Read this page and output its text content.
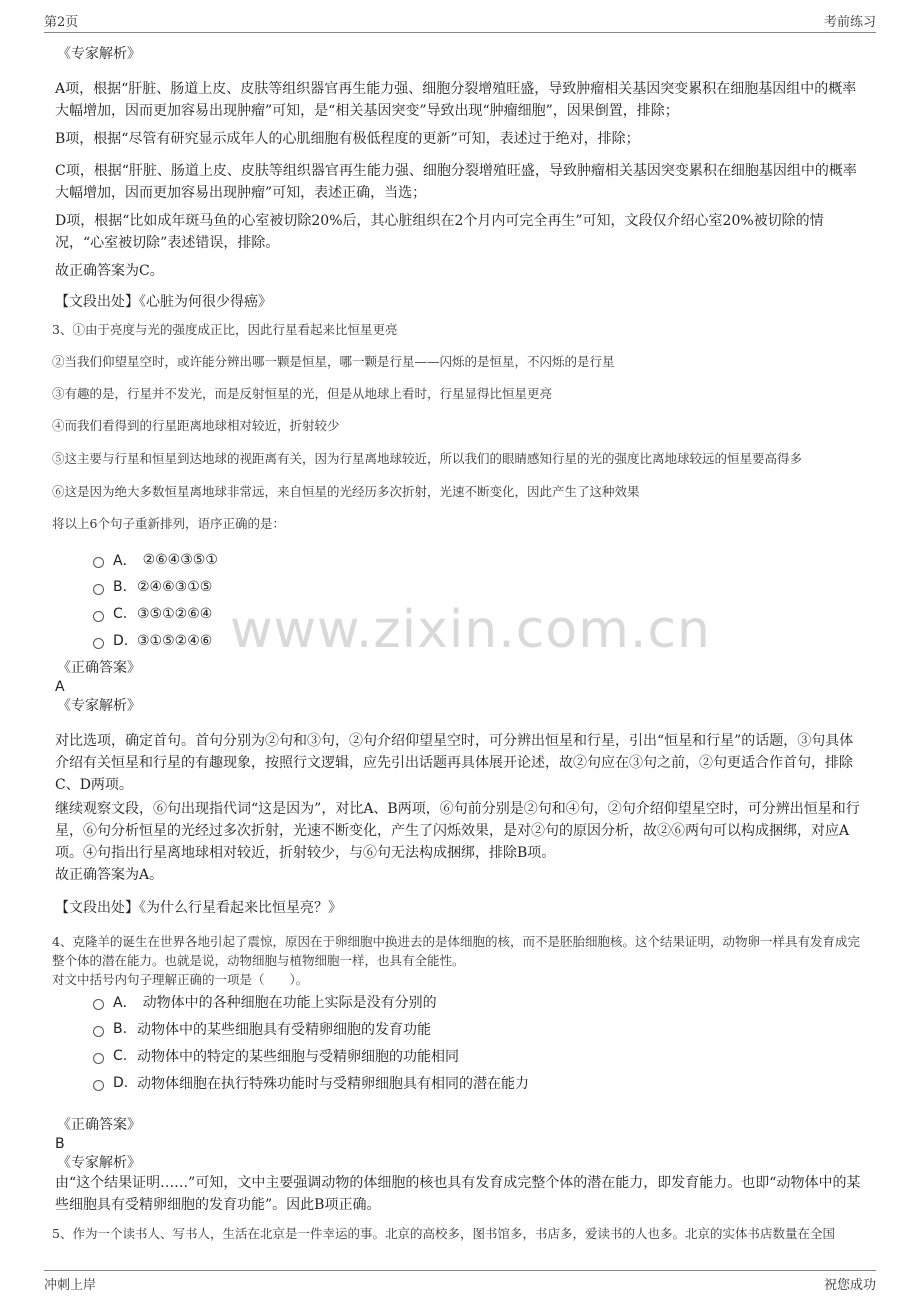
第2页	考前练习
www.zixin.com.cn
《专家解析》
A项，根据“肝脏、肠道上皮、皮肤等组织器官再生能力强、细胞分裂增殖旺盛，导致肿瘤相关基因突变累积在细胞基因组中的概率大幅增加，因而更加容易出现肿瘤”可知，是“相关基因突变”导致出现“肿瘤细胞”，因果倒置，排除；
B项，根据“尽管有研究显示成年人的心肌细胞有极低程度的更新”可知，表述过于绝对，排除；
C项，根据“肝脏、肠道上皮、皮肤等组织器官再生能力强、细胞分裂增殖旺盛，导致肿瘤相关基因突变累积在细胞基因组中的概率大幅增加，因而更加容易出现肿瘤”可知，表述正确，当选；
D项，根据“比如成年斑马鱼的心室被切除20%后，其心脏组织在2个月内可完全再生”可知，文段仅介绍心室20%被切除的情况，“心室被切除”表述错误，排除。
故正确答案为C。
【文段出处】《心脏为何很少得癌》
3、①由于亮度与光的强度成正比，因此行星看起来比恒星更亮
②当我们仰望星空时，或许能分辨出哪一颗是恒星，哪一颗是行星——闪烁的是恒星，不闪烁的是行星
③有趣的是，行星并不发光，而是反射恒星的光，但是从地球上看时，行星显得比恒星更亮
④而我们看得到的行星距离地球相对较近，折射较少
⑤这主要与行星和恒星到达地球的视距离有关，因为行星离地球较近，所以我们的眼睛感知行星的光的强度比离地球较远的恒星要高得多
⑥这是因为绝大多数恒星离地球非常远，来自恒星的光经历多次折射，光速不断变化，因此产生了这种效果
将以上6个句子重新排列，语序正确的是：
A． ②⑥④③⑤①
B. ②④⑥③①⑤
C. ③⑤①②⑥④
D. ③①⑤②④⑥
《正确答案》
A
《专家解析》
对比选项，确定首句。首句分别为②句和③句，②句介绍仰望星空时，可分辨出恒星和行星，引出“恒星和行星”的话题，③句具体介绍有关恒星和行星的有趣现象，按照行文逻辑，应先引出话题再具体展开论述，故②句应在③句之前，②句更适合作首句，排除C、D两项。
继续观察文段，⑥句出现指代词“这是因为”，对比A、B两项，⑥句前分别是②句和④句，②句介绍仰望星空时，可分辨出恒星和行星，⑥句分析恒星的光经过多次折射，光速不断变化，产生了闪烁效果，是对②句的原因分析，故②⑥两句可以构成捆绑，对应A项。④句指出行星离地球相对较近，折射较少，与⑥句无法构成捆绑，排除B项。
故正确答案为A。
【文段出处】《为什么行星看起来比恒星亮？》
4、克隆羊的诞生在世界各地引起了震惊，原因在于卵细胞中换进去的是体细胞的核，而不是胚胎细胞核。这个结果证明，动物卵一样具有发育成完整个体的潜在能力。也就是说，动物细胞与植物细胞一样，也具有全能性。
对文中括号内句子理解正确的一项是（　　）。
A． 动物体中的各种细胞在功能上实际是没有分别的
B. 动物体中的某些细胞具有受精卵细胞的发育功能
C. 动物体中的特定的某些细胞与受精卵细胞的功能相同
D. 动物体细胞在执行特殊功能时与受精卵细胞具有相同的潜在能力
《正确答案》
B
《专家解析》
由“这个结果证明……”可知，文中主要强调动物的体细胞的核也具有发育成完整个体的潜在能力，即发育能力。也即“动物体中的某些细胞具有受精卵细胞的发育功能”。因此B项正确。
5、作为一个读书人、写书人，生活在北京是一件幸运的事。北京的高校多，图书馆多，书店多，爱读书的人也多。北京的实体书店数量在全国
冲刺上岸	祝您成功
